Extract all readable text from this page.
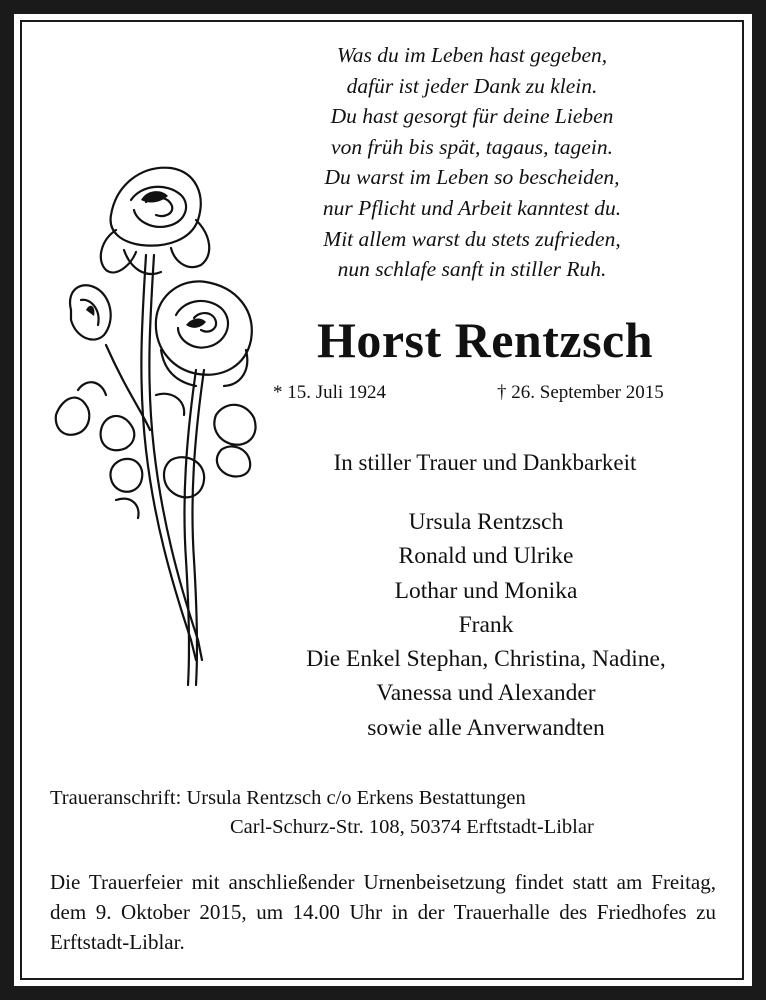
Was du im Leben hast gegeben,
dafür ist jeder Dank zu klein.
Du hast gesorgt für deine Lieben
von früh bis spät, tagaus, tagein.
Du warst im Leben so bescheiden,
nur Pflicht und Arbeit kanntest du.
Mit allem warst du stets zufrieden,
nun schlafe sanft in stiller Ruh.
Horst Rentzsch
* 15. Juli 1924	† 26. September 2015
In stiller Trauer und Dankbarkeit
Ursula Rentzsch
Ronald und Ulrike
Lothar und Monika
Frank
Die Enkel Stephan, Christina, Nadine,
Vanessa und Alexander
sowie alle Anverwandten
Traueranschrift: Ursula Rentzsch c/o Erkens Bestattungen
Carl-Schurz-Str. 108, 50374 Erftstadt-Liblar
Die Trauerfeier mit anschließender Urnenbeisetzung findet statt am Freitag, dem 9. Oktober 2015, um 14.00 Uhr in der Trauerhalle des Friedhofes zu Erftstadt-Liblar.
